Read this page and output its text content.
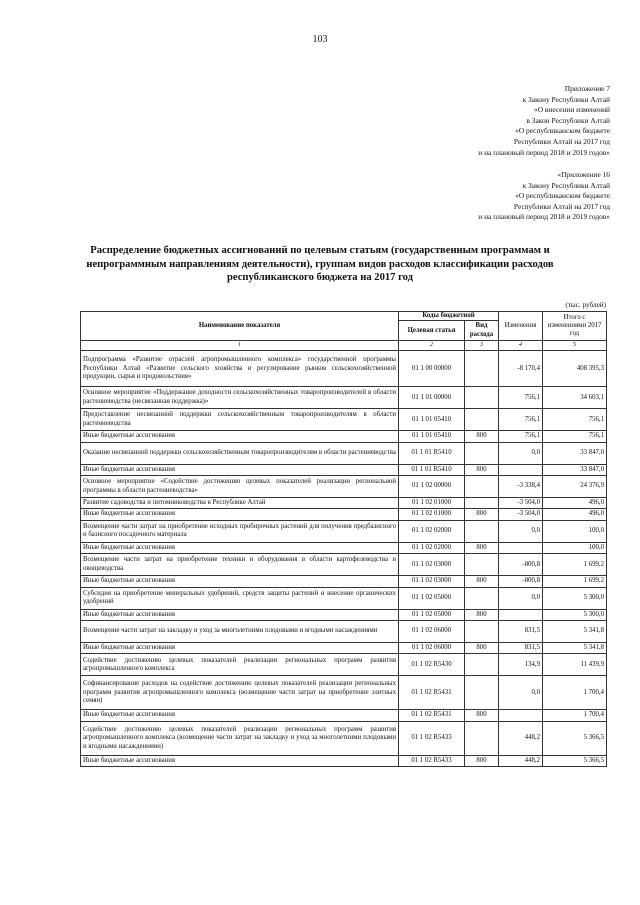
103
Приложение 7
к Закону Республики Алтай
«О внесении изменений
в Закон Республики Алтай
«О республиканском бюджете
Республики Алтай на 2017 год
и на плановый период 2018 и 2019 годов»
«Приложение 16
к Закону Республики Алтай
«О республиканском бюджете
Республики Алтай на 2017 год
и на плановый период 2018 и 2019 годов»
Распределение бюджетных ассигнований по целевым статьям (государственным программам и непрограммным направлениям деятельности), группам видов расходов классификации расходов республиканского бюджета на 2017 год
(тыс. рублей)
Наименование показателя	Коды бюджетной		Изменения	Итого с изменениями 2017 год
	Целевая статья	Вид расхода		
1	2	3	4	5
Подпрограмма «Развитие отраслей агропромышленного комплекса» государственной программы Республики Алтай «Развитие сельского хозяйства и регулирование рынков сельскохозяйственной продукции, сырья и продовольствия»	01 1 00 00000		-8 170,4	408 395,3
Основное мероприятие «Поддержание доходности сельскохозяйственных товаропроизводителей в области растениеводства (несвязанная поддержка)»	01 1 01 00000		756,1	34 603,1
Предоставление несвязанной поддержки сельскохозяйственным товаропроизводителям в области растениеводства	01 1 01 05410		756,1	756,1
Иные бюджетные ассигнования	01 1 01 05410	800	756,1	756,1
Оказание несвязанной поддержки сельскохозяйственным товаропроизводителям в области растениеводства	01 1 01 R5410		0,0	33 847,0
Иные бюджетные ассигнования	01 1 01 R5410	800		33 847,0
Основное мероприятие «Содействие достижению целевых показателей реализации региональной программы в области растениеводства»	01 1 02 00000		-3 338,4	24 376,9
Развитие садоводства и питомниководства в Республике Алтай	01 1 02 01000		-3 504,0	496,0
Иные бюджетные ассигнования	01 1 02 01000	800	-3 504,0	496,0
Возмещение части затрат на приобретение исходных пробирочных растений для получения предбазисного и базисного посадочного материала	01 1 02 02000		0,0	100,0
Иные бюджетные ассигнования	01 1 02 02000	800		100,0
Возмещение части затрат на приобретение техники и оборудования в области картофелеводства и овощеводства	01 1 02 03000		-800,8	1 699,2
Иные бюджетные ассигнования	01 1 02 03000	800	-800,8	1 699,2
Субсидия на приобретение минеральных удобрений, средств защиты растений и внесение органических удобрений	01 1 02 05000		0,0	5 300,0
Иные бюджетные ассигнования	01 1 02 05000	800		5 300,0
Возмещение части затрат на закладку и уход за многолетними плодовыми и ягодными насаждениями	01 1 02 06000		831,5	5 341,8
Иные бюджетные ассигнования	01 1 02 06000	800	831,5	5 341,8
Содействие достижению целевых показателей реализации региональных программ развития агропромышленного комплекса	01 1 02 R5430		134,9	11 439,9
Софинансирование расходов на содействие достижению целевых показателей реализации региональных программ развития агропромышленного комплекса (возмещение части затрат на приобретение элитных семян)	01 1 02 R5431		0,0	1 700,4
Иные бюджетные ассигнования	01 1 02 R5431	800		1 700,4
Содействие достижению целевых показателей реализации региональных программ развития агропромышленного комплекса (возмещение части затрат на закладку и уход за многолетними плодовыми и ягодными насаждениями)	01 1 02 R5433		448,2	5 366,5
Иные бюджетные ассигнования	01 1 02 R5433	800	448,2	5 366,5
